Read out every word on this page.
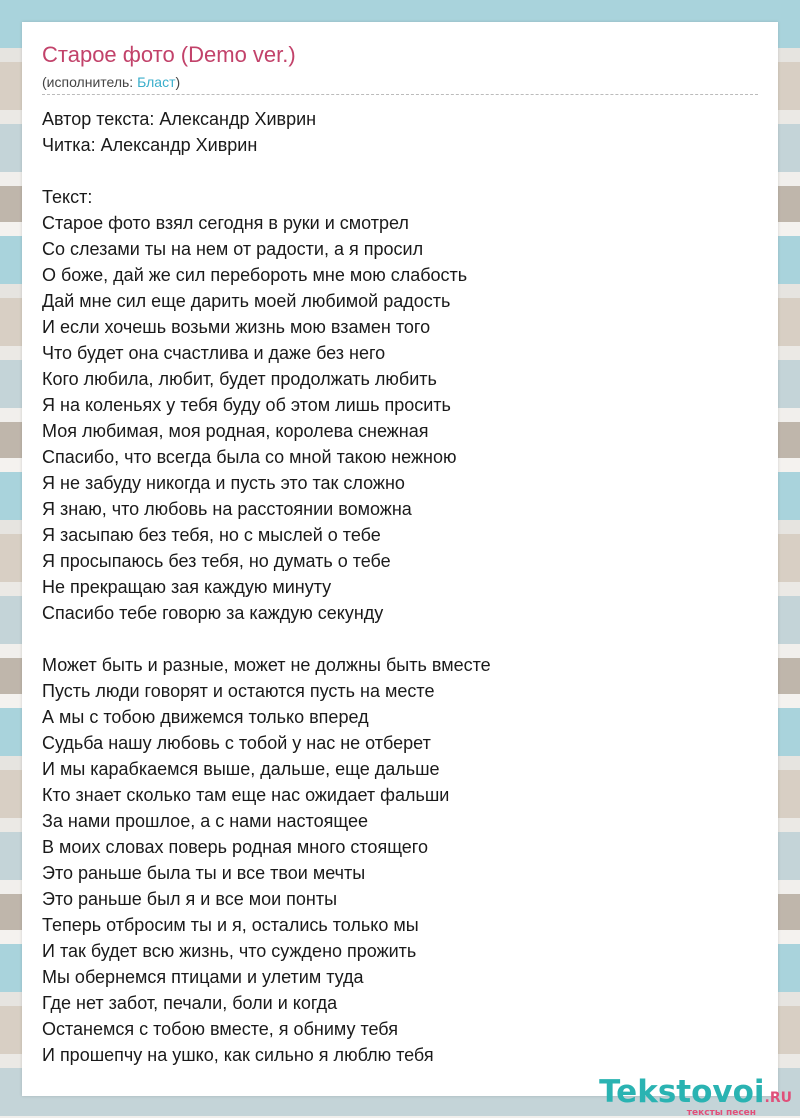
Старое фото (Demo ver.)
(исполнитель: Бласт)
Автор текста: Александр Хиврин
Читка: Александр Хиврин
Текст:
Старое фото взял сегодня в руки и смотрел
Со слезами ты на нем от радости, а я просил
О боже, дай же сил перебороть мне мою слабость
Дай мне сил еще дарить моей любимой радость
И если хочешь возьми жизнь мою взамен того
Что будет она счастлива и даже без него
Кого любила, любит, будет продолжать любить
Я на коленьях у тебя буду об этом лишь просить
Моя любимая, моя родная, королева снежная
Спасибо, что всегда была со мной такою нежною
Я не забуду никогда и пусть это так сложно
Я знаю, что любовь на расстоянии воможна
Я засыпаю без тебя, но с мыслей о тебе
Я просыпаюсь без тебя, но думать о тебе
Не прекращаю зая каждую минуту
Спасибо тебе говорю за каждую секунду
Может быть и разные, может не должны быть вместе
Пусть люди говорят и остаются пусть на месте
А мы с тобою движемся только вперед
Судьба нашу любовь с тобой у нас не отберет
И мы карабкаемся выше, дальше, еще дальше
Кто знает сколько там еще нас ожидает фальши
За нами прошлое, а с нами настоящее
В моих словах поверь родная много стоящего
Это раньше была ты и все твои мечты
Это раньше был я и все мои понты
Теперь отбросим ты и я, остались только мы
И так будет всю жизнь, что суждено прожить
Мы обернемся птицами и улетим туда
Где нет забот, печали, боли и когда
Останемся с тобою вместе, я обниму тебя
И прошепчу на ушко, как сильно я люблю тебя
Tekstovoi.RU
тексты песен
